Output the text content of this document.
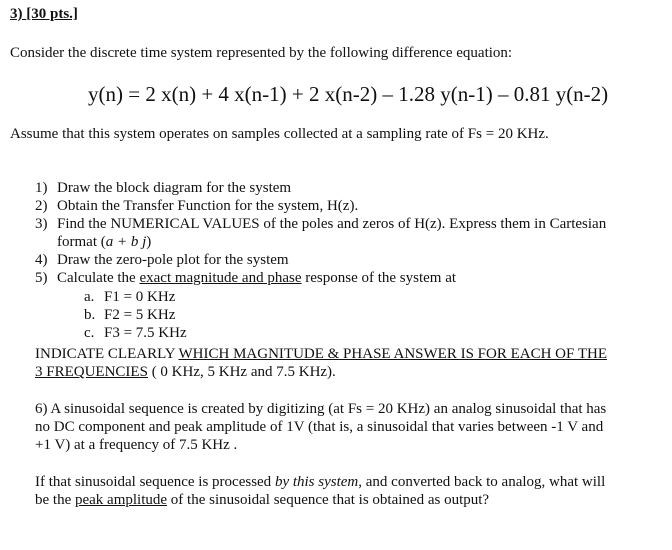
3) [30 pts.]
Consider the discrete time system represented by the following difference equation:
y(n) = 2 x(n) + 4 x(n-1) + 2 x(n-2) – 1.28 y(n-1) – 0.81 y(n-2)
Assume that this system operates on samples collected at a sampling rate of Fs = 20 KHz.
1) Draw the block diagram for the system
2) Obtain the Transfer Function for the system, H(z).
3) Find the NUMERICAL VALUES of the poles and zeros of H(z). Express them in Cartesian
format (a + b j)
4) Draw the zero-pole plot for the system
5) Calculate the exact magnitude and phase response of the system at
a. F1 = 0 KHz
b. F2 = 5 KHz
c. F3 = 7.5 KHz
INDICATE CLEARLY WHICH MAGNITUDE & PHASE ANSWER IS FOR EACH OF THE
3 FREQUENCIES ( 0 KHz, 5 KHz and 7.5 KHz).
6) A sinusoidal sequence is created by digitizing (at Fs = 20 KHz) an analog sinusoidal that has
no DC component and peak amplitude of 1V (that is, a sinusoidal that varies between -1 V and
+1 V) at a frequency of 7.5 KHz .
If that sinusoidal sequence is processed by this system, and converted back to analog, what will
be the peak amplitude of the sinusoidal sequence that is obtained as output?
